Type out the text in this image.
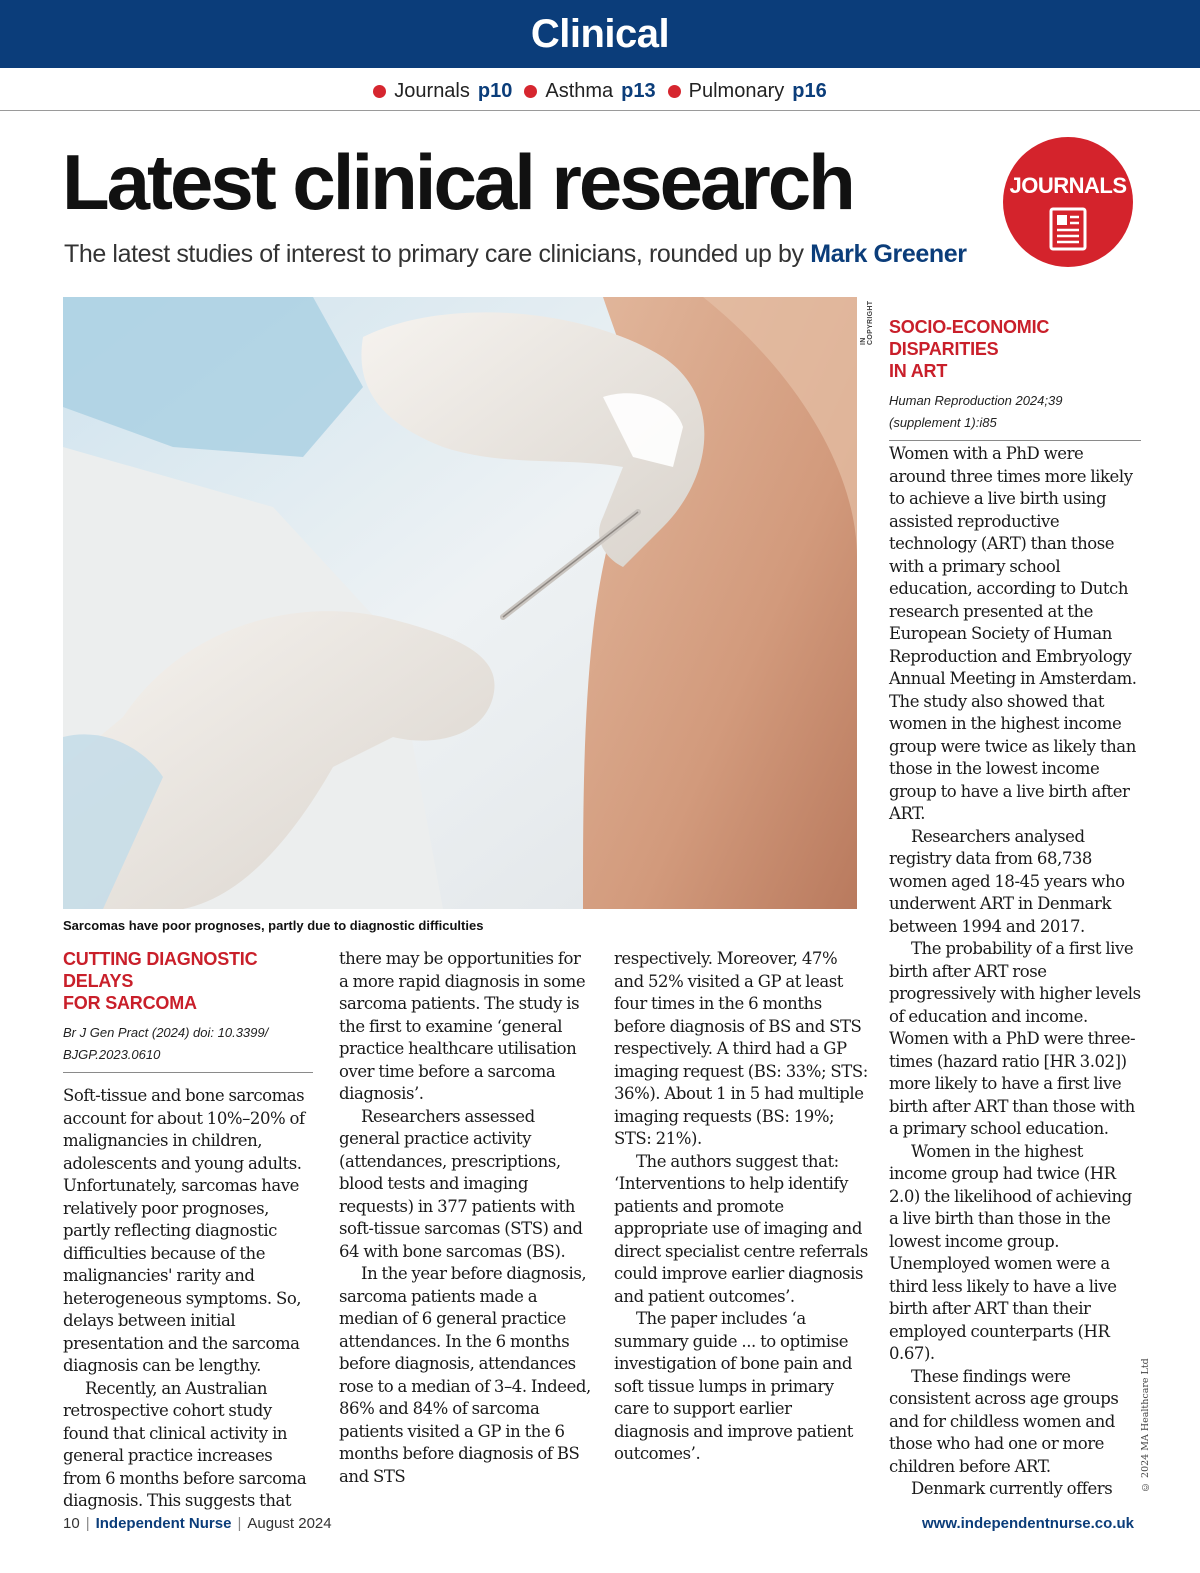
Clinical
Journals p10 Asthma p13 Pulmonary p16
Latest clinical research
The latest studies of interest to primary care clinicians, rounded up by Mark Greener
JOURNALS
IN COPYRIGHT
Sarcomas have poor prognoses, partly due to diagnostic difficulties
CUTTING DIAGNOSTIC DELAYS
FOR SARCOMA
Br J Gen Pract (2024) doi: 10.3399/
BJGP.2023.0610

Soft-tissue and bone sarcomas account for about 10%–20% of malignancies in children, adolescents and young adults. Unfortunately, sarcomas have relatively poor prognoses, partly reflecting diagnostic difficulties because of the malignancies' rarity and heterogeneous symptoms. So, delays between initial presentation and the sarcoma diagnosis can be lengthy.

Recently, an Australian retrospective cohort study found that clinical activity in general practice increases from 6 months before sarcoma diagnosis. This suggests that

there may be opportunities for a more rapid diagnosis in some sarcoma patients. The study is the first to examine ‘general practice healthcare utilisation over time before a sarcoma diagnosis’.

Researchers assessed general practice activity (attendances, prescriptions, blood tests and imaging requests) in 377 patients with soft-tissue sarcomas (STS) and 64 with bone sarcomas (BS).

In the year before diagnosis, sarcoma patients made a median of 6 general practice attendances. In the 6 months before diagnosis, attendances rose to a median of 3–4. Indeed, 86% and 84% of sarcoma patients visited a GP in the 6 months before diagnosis of BS and STS

respectively. Moreover, 47% and 52% visited a GP at least four times in the 6 months before diagnosis of BS and STS respectively. A third had a GP imaging request (BS: 33%; STS: 36%). About 1 in 5 had multiple imaging requests (BS: 19%; STS: 21%).

The authors suggest that: ‘Interventions to help identify patients and promote appropriate use of imaging and direct specialist centre referrals could improve earlier diagnosis and patient outcomes’.

The paper includes ‘a summary guide ... to optimise investigation of bone pain and soft tissue lumps in primary care to support earlier diagnosis and improve patient outcomes’.

SOCIO-ECONOMIC DISPARITIES
IN ART
Human Reproduction 2024;39
(supplement 1):i85

Women with a PhD were around three times more likely to achieve a live birth using assisted reproductive technology (ART) than those with a primary school education, according to Dutch research presented at the European Society of Human Reproduction and Embryology Annual Meeting in Amsterdam. The study also showed that women in the highest income group were twice as likely than those in the lowest income group to have a live birth after ART.

Researchers analysed registry data from 68,738 women aged 18-45 years who underwent ART in Denmark between 1994 and 2017.

The probability of a first live birth after ART rose progressively with higher levels of education and income. Women with a PhD were three-times (hazard ratio [HR 3.02]) more likely to have a first live birth after ART than those with a primary school education.

Women in the highest income group had twice (HR 2.0) the likelihood of achieving a live birth than those in the lowest income group. Unemployed women were a third less likely to have a live birth after ART than their employed counterparts (HR 0.67).

These findings were consistent across age groups and for childless women and those who had one or more children before ART.

Denmark currently offers	© 2024 MA Healthcare Ltd
10 | Independent Nurse | August 2024	www.independentnurse.co.uk
